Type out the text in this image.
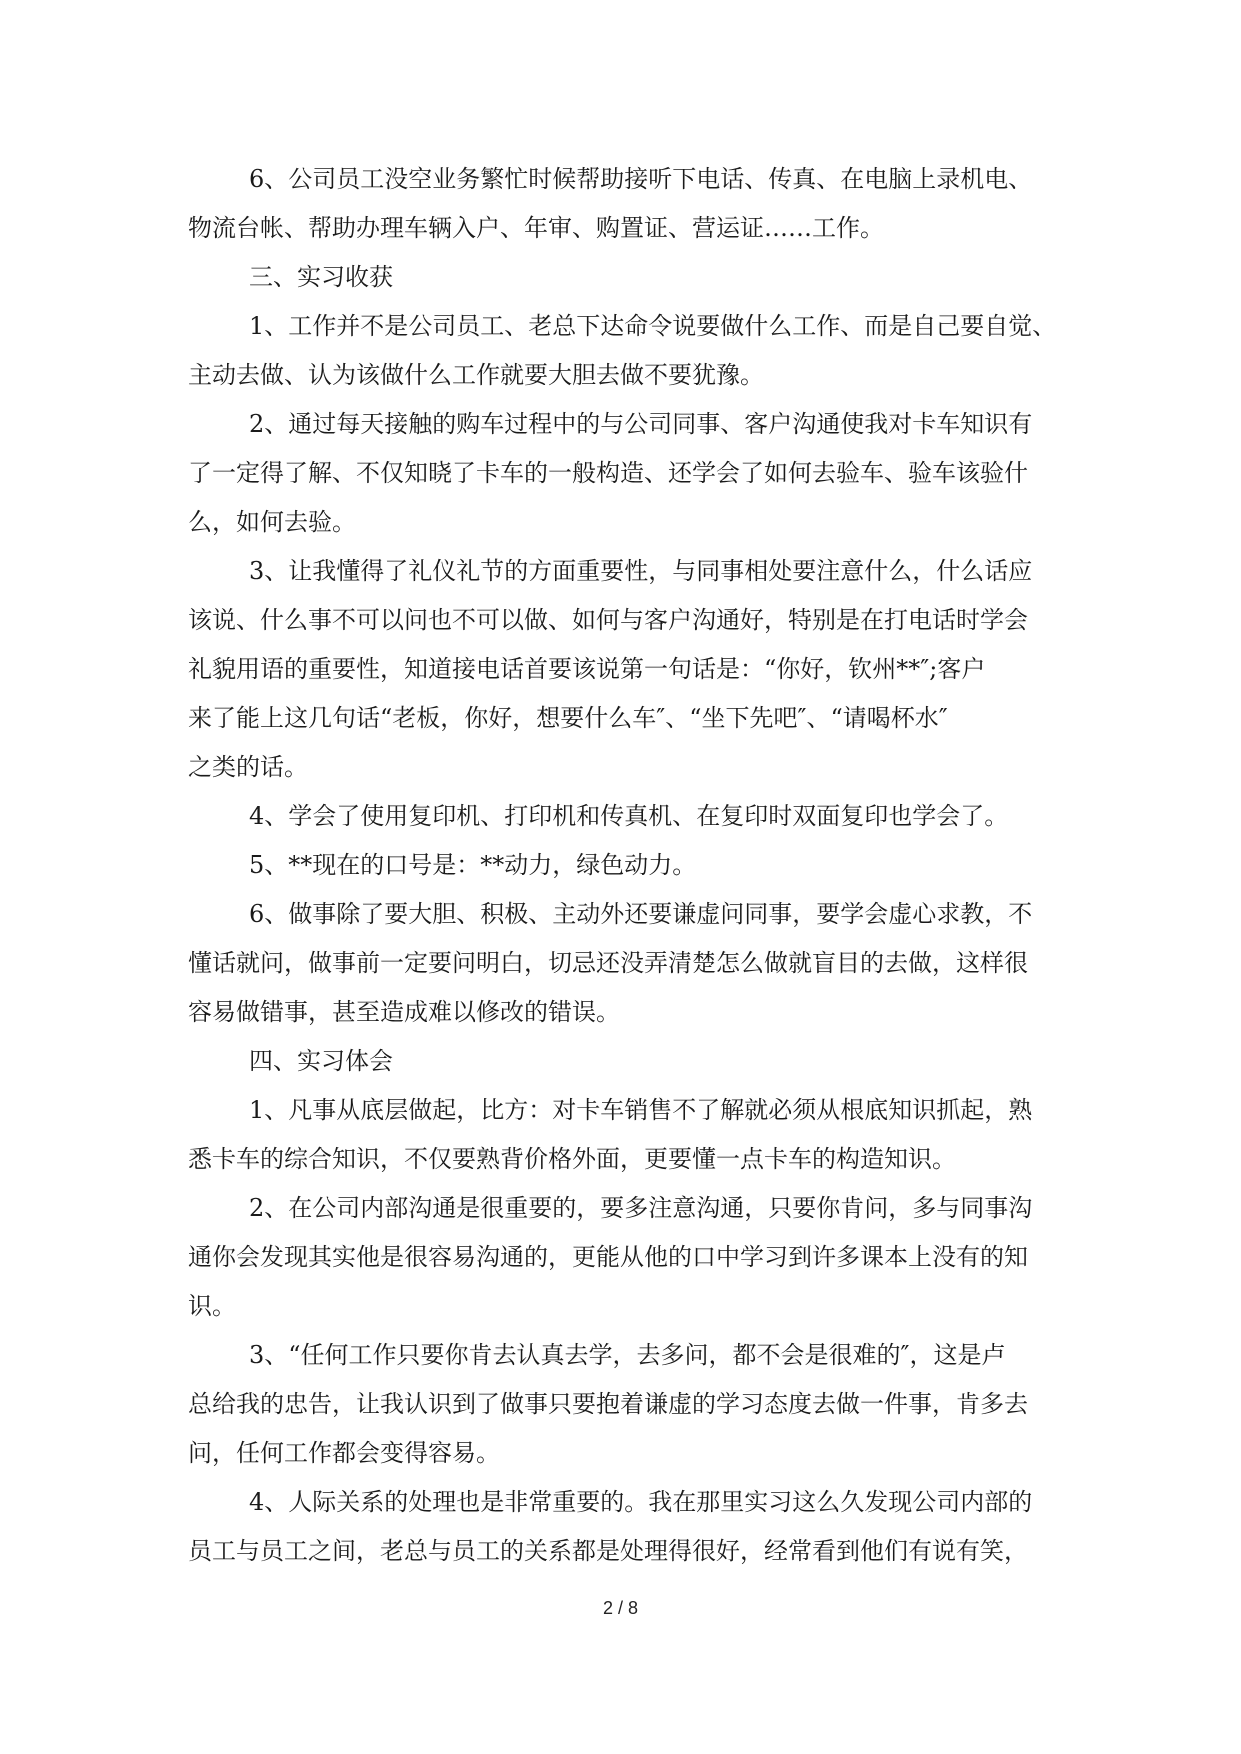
6、公司员工没空业务繁忙时候帮助接听下电话、传真、在电脑上录机电、
物流台帐、帮助办理车辆入户、年审、购置证、营运证……工作。
三、实习收获
1、工作并不是公司员工、老总下达命令说要做什么工作、而是自己要自觉、
主动去做、认为该做什么工作就要大胆去做不要犹豫。
2、通过每天接触的购车过程中的与公司同事、客户沟通使我对卡车知识有
了一定得了解、不仅知晓了卡车的一般构造、还学会了如何去验车、验车该验什
么，如何去验。
3、让我懂得了礼仪礼节的方面重要性，与同事相处要注意什么，什么话应
该说、什么事不可以问也不可以做、如何与客户沟通好，特别是在打电话时学会
礼貌用语的重要性，知道接电话首要该说第一句话是：“你好，钦州**″;客户
来了能上这几句话“老板，你好，想要什么车″、“坐下先吧″、“请喝杯水″
之类的话。
4、学会了使用复印机、打印机和传真机、在复印时双面复印也学会了。
5、**现在的口号是：**动力，绿色动力。
6、做事除了要大胆、积极、主动外还要谦虚问同事，要学会虚心求教，不
懂话就问，做事前一定要问明白，切忌还没弄清楚怎么做就盲目的去做，这样很
容易做错事，甚至造成难以修改的错误。
四、实习体会
1、凡事从底层做起，比方：对卡车销售不了解就必须从根底知识抓起，熟
悉卡车的综合知识，不仅要熟背价格外面，更要懂一点卡车的构造知识。
2、在公司内部沟通是很重要的，要多注意沟通，只要你肯问，多与同事沟
通你会发现其实他是很容易沟通的，更能从他的口中学习到许多课本上没有的知
识。
3、“任何工作只要你肯去认真去学，去多问，都不会是很难的″，这是卢
总给我的忠告，让我认识到了做事只要抱着谦虚的学习态度去做一件事，肯多去
问，任何工作都会变得容易。
4、人际关系的处理也是非常重要的。我在那里实习这么久发现公司内部的
员工与员工之间，老总与员工的关系都是处理得很好，经常看到他们有说有笑，
2 / 8
